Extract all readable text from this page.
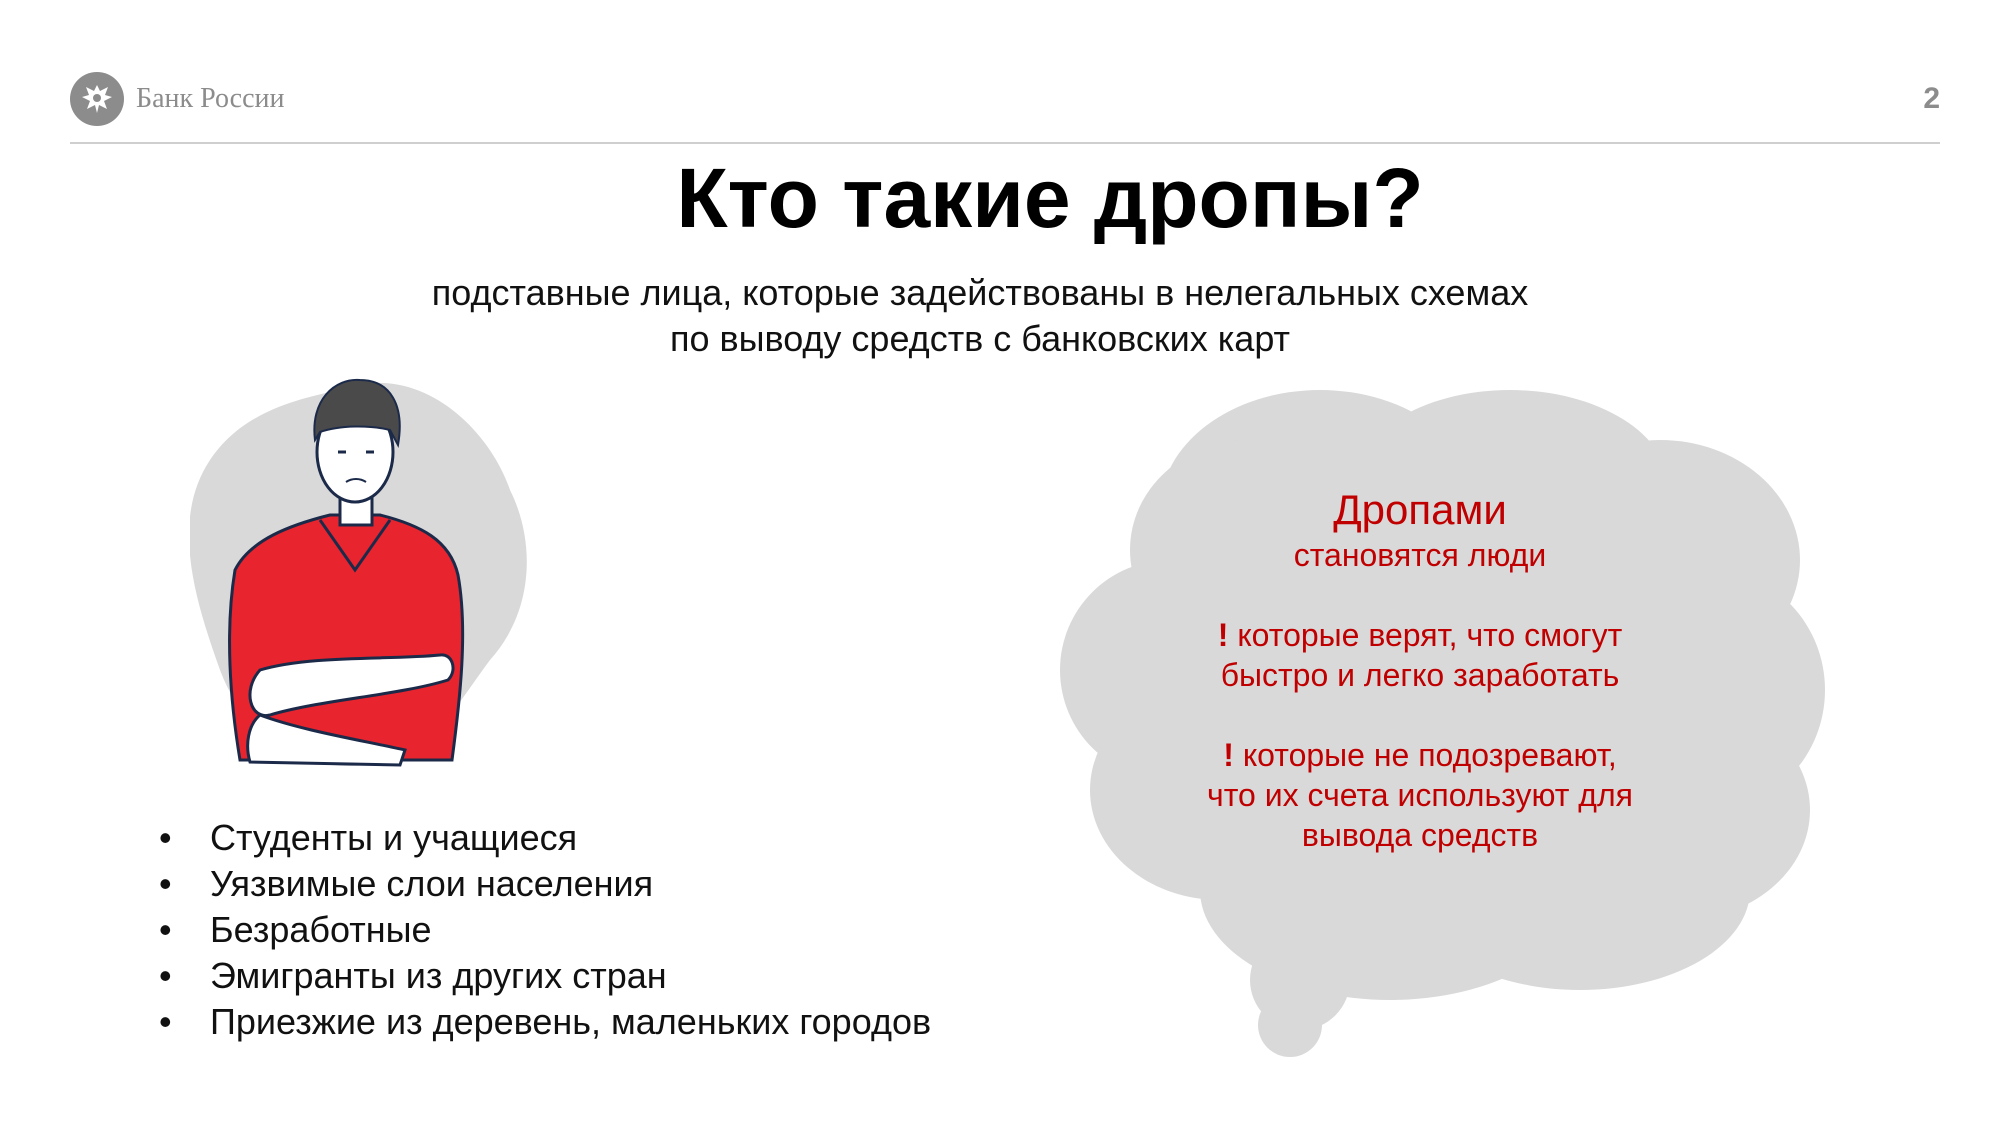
Банк России	2
Кто такие дропы?
подставные лица, которые задействованы в нелегальных схемах
по выводу средств с банковских карт
• Студенты и учащиеся
• Уязвимые слои населения
• Безработные
• Эмигранты из других стран
• Приезжие из деревень, маленьких городов
Дропами
становятся люди
! которые верят, что смогут
быстро и легко заработать
! которые не подозревают,
что их счета используют для
вывода средств
